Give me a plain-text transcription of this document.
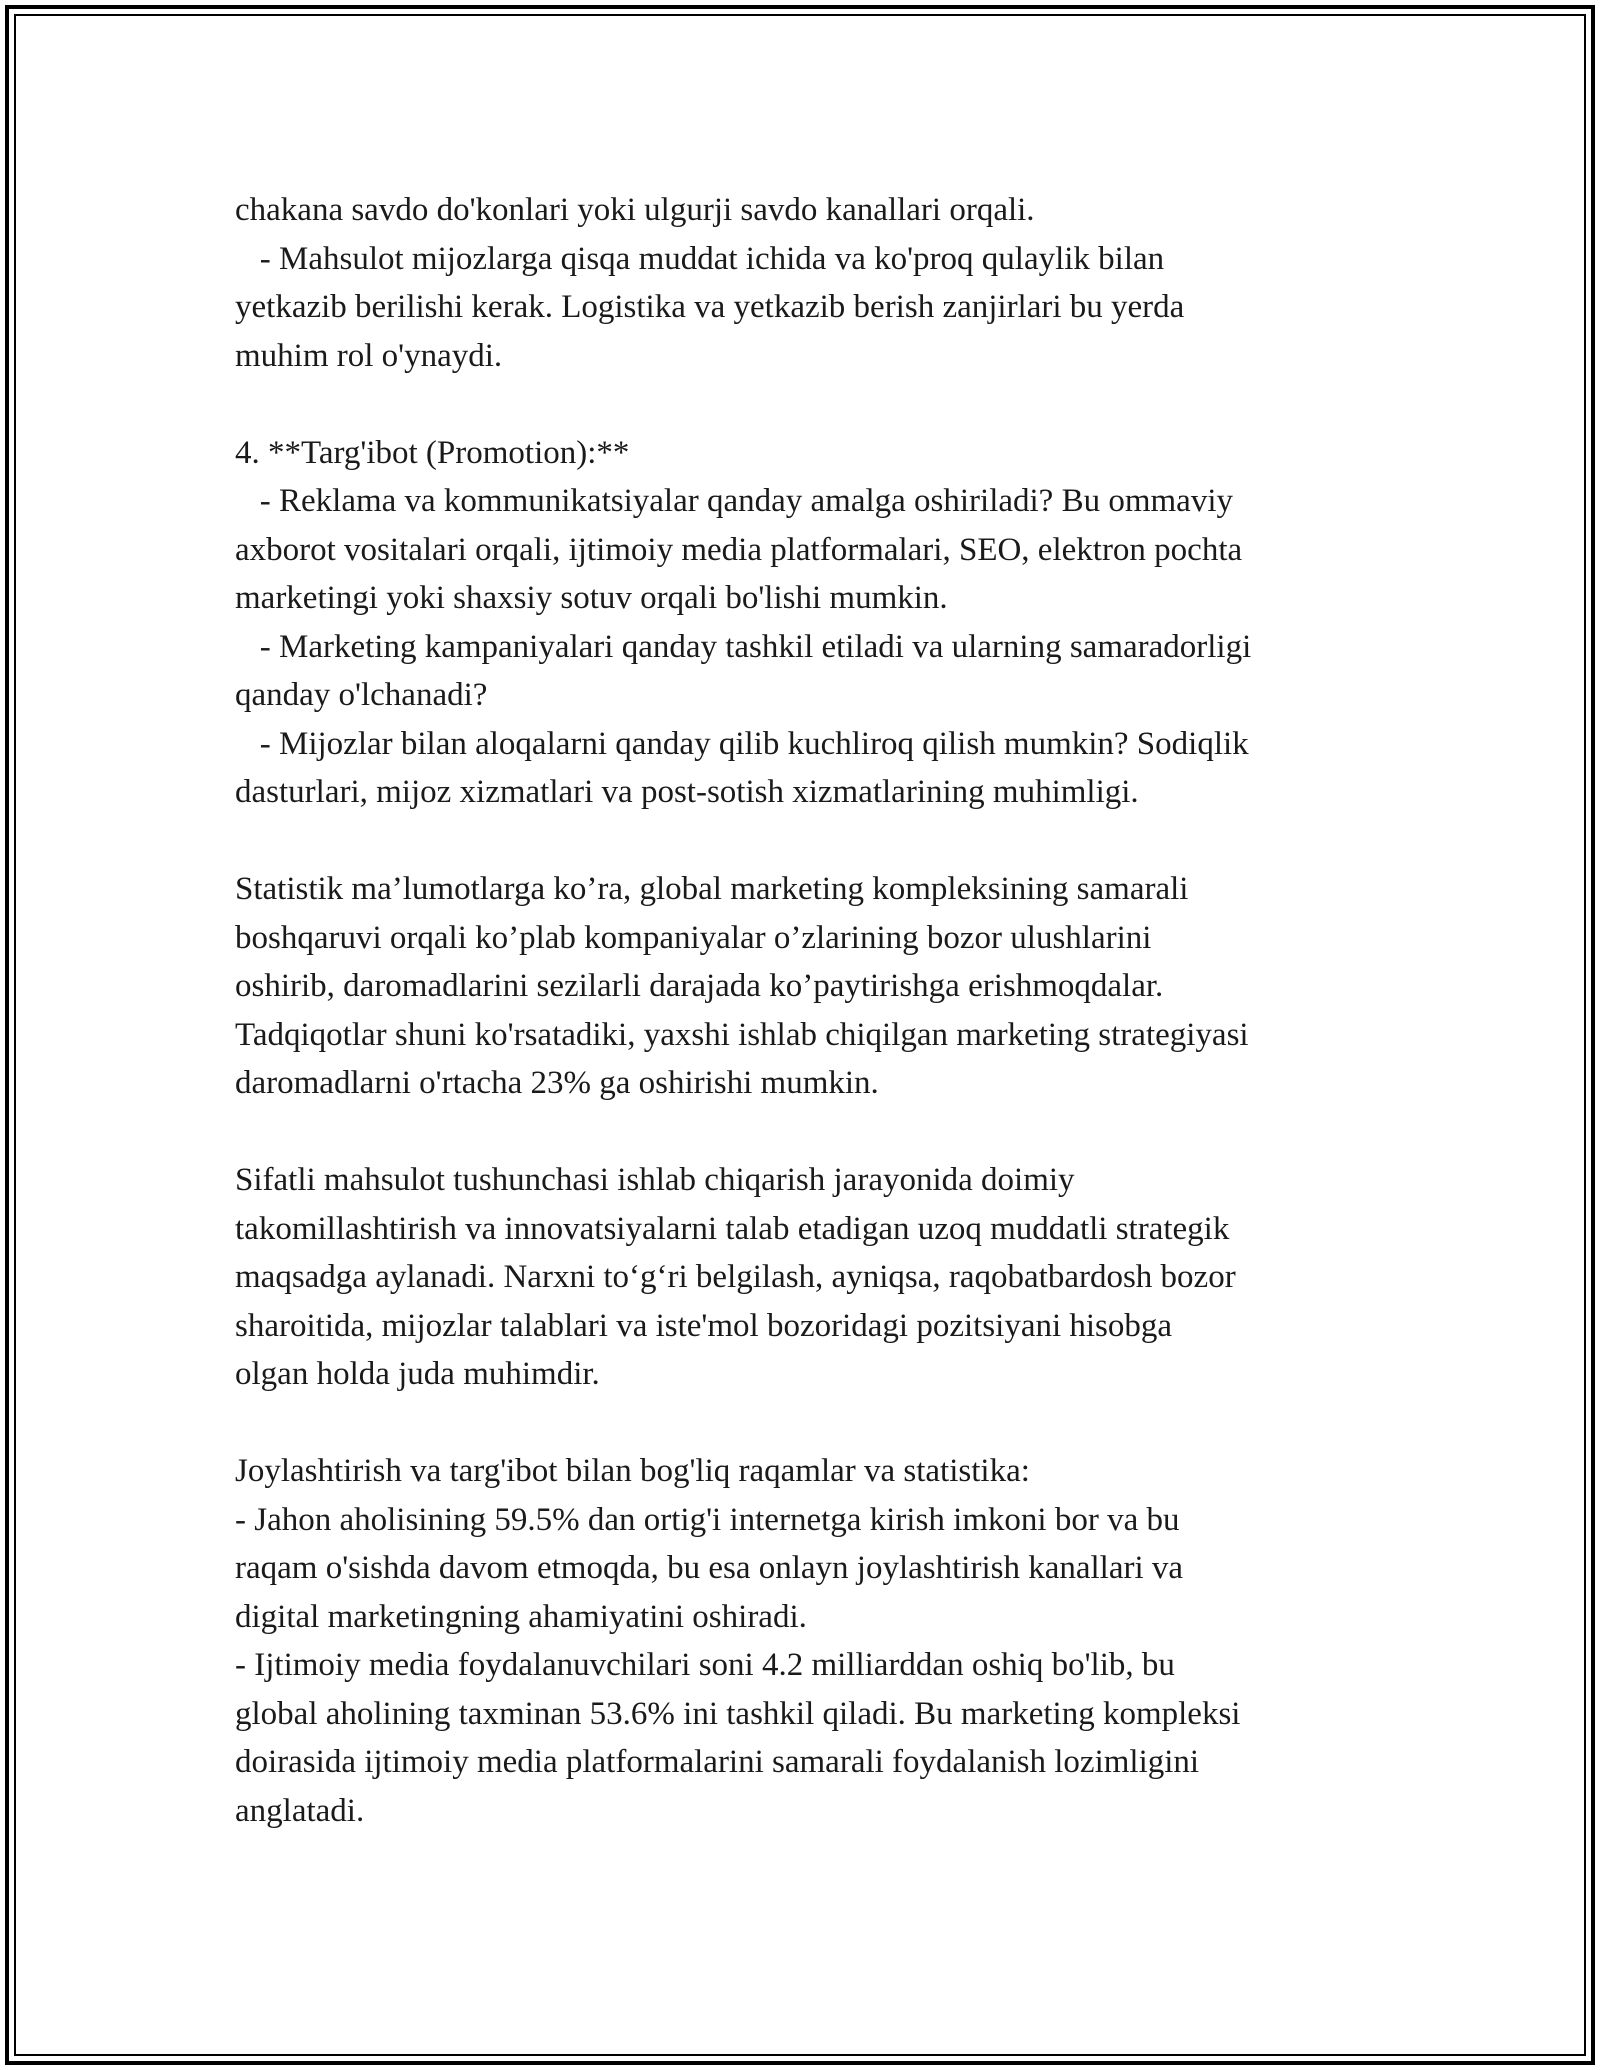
chakana savdo do'konlari yoki ulgurji savdo kanallari orqali.
- Mahsulot mijozlarga qisqa muddat ichida va ko'proq qulaylik bilan
yetkazib berilishi kerak. Logistika va yetkazib berish zanjirlari bu yerda
muhim rol o'ynaydi.
4. **Targ'ibot (Promotion):**
- Reklama va kommunikatsiyalar qanday amalga oshiriladi? Bu ommaviy
axborot vositalari orqali, ijtimoiy media platformalari, SEO, elektron pochta
marketingi yoki shaxsiy sotuv orqali bo'lishi mumkin.
- Marketing kampaniyalari qanday tashkil etiladi va ularning samaradorligi
qanday o'lchanadi?
- Mijozlar bilan aloqalarni qanday qilib kuchliroq qilish mumkin? Sodiqlik
dasturlari, mijoz xizmatlari va post-sotish xizmatlarining muhimligi.
Statistik ma’lumotlarga ko’ra, global marketing kompleksining samarali
boshqaruvi orqali ko’plab kompaniyalar o’zlarining bozor ulushlarini
oshirib, daromadlarini sezilarli darajada ko’paytirishga erishmoqdalar.
Tadqiqotlar shuni ko'rsatadiki, yaxshi ishlab chiqilgan marketing strategiyasi
daromadlarni o'rtacha 23% ga oshirishi mumkin.
Sifatli mahsulot tushunchasi ishlab chiqarish jarayonida doimiy
takomillashtirish va innovatsiyalarni talab etadigan uzoq muddatli strategik
maqsadga aylanadi. Narxni to‘g‘ri belgilash, ayniqsa, raqobatbardosh bozor
sharoitida, mijozlar talablari va iste'mol bozoridagi pozitsiyani hisobga
olgan holda juda muhimdir.
Joylashtirish va targ'ibot bilan bog'liq raqamlar va statistika:
- Jahon aholisining 59.5% dan ortig'i internetga kirish imkoni bor va bu
raqam o'sishda davom etmoqda, bu esa onlayn joylashtirish kanallari va
digital marketingning ahamiyatini oshiradi.
- Ijtimoiy media foydalanuvchilari soni 4.2 milliarddan oshiq bo'lib, bu
global aholining taxminan 53.6% ini tashkil qiladi. Bu marketing kompleksi
doirasida ijtimoiy media platformalarini samarali foydalanish lozimligini
anglatadi.
